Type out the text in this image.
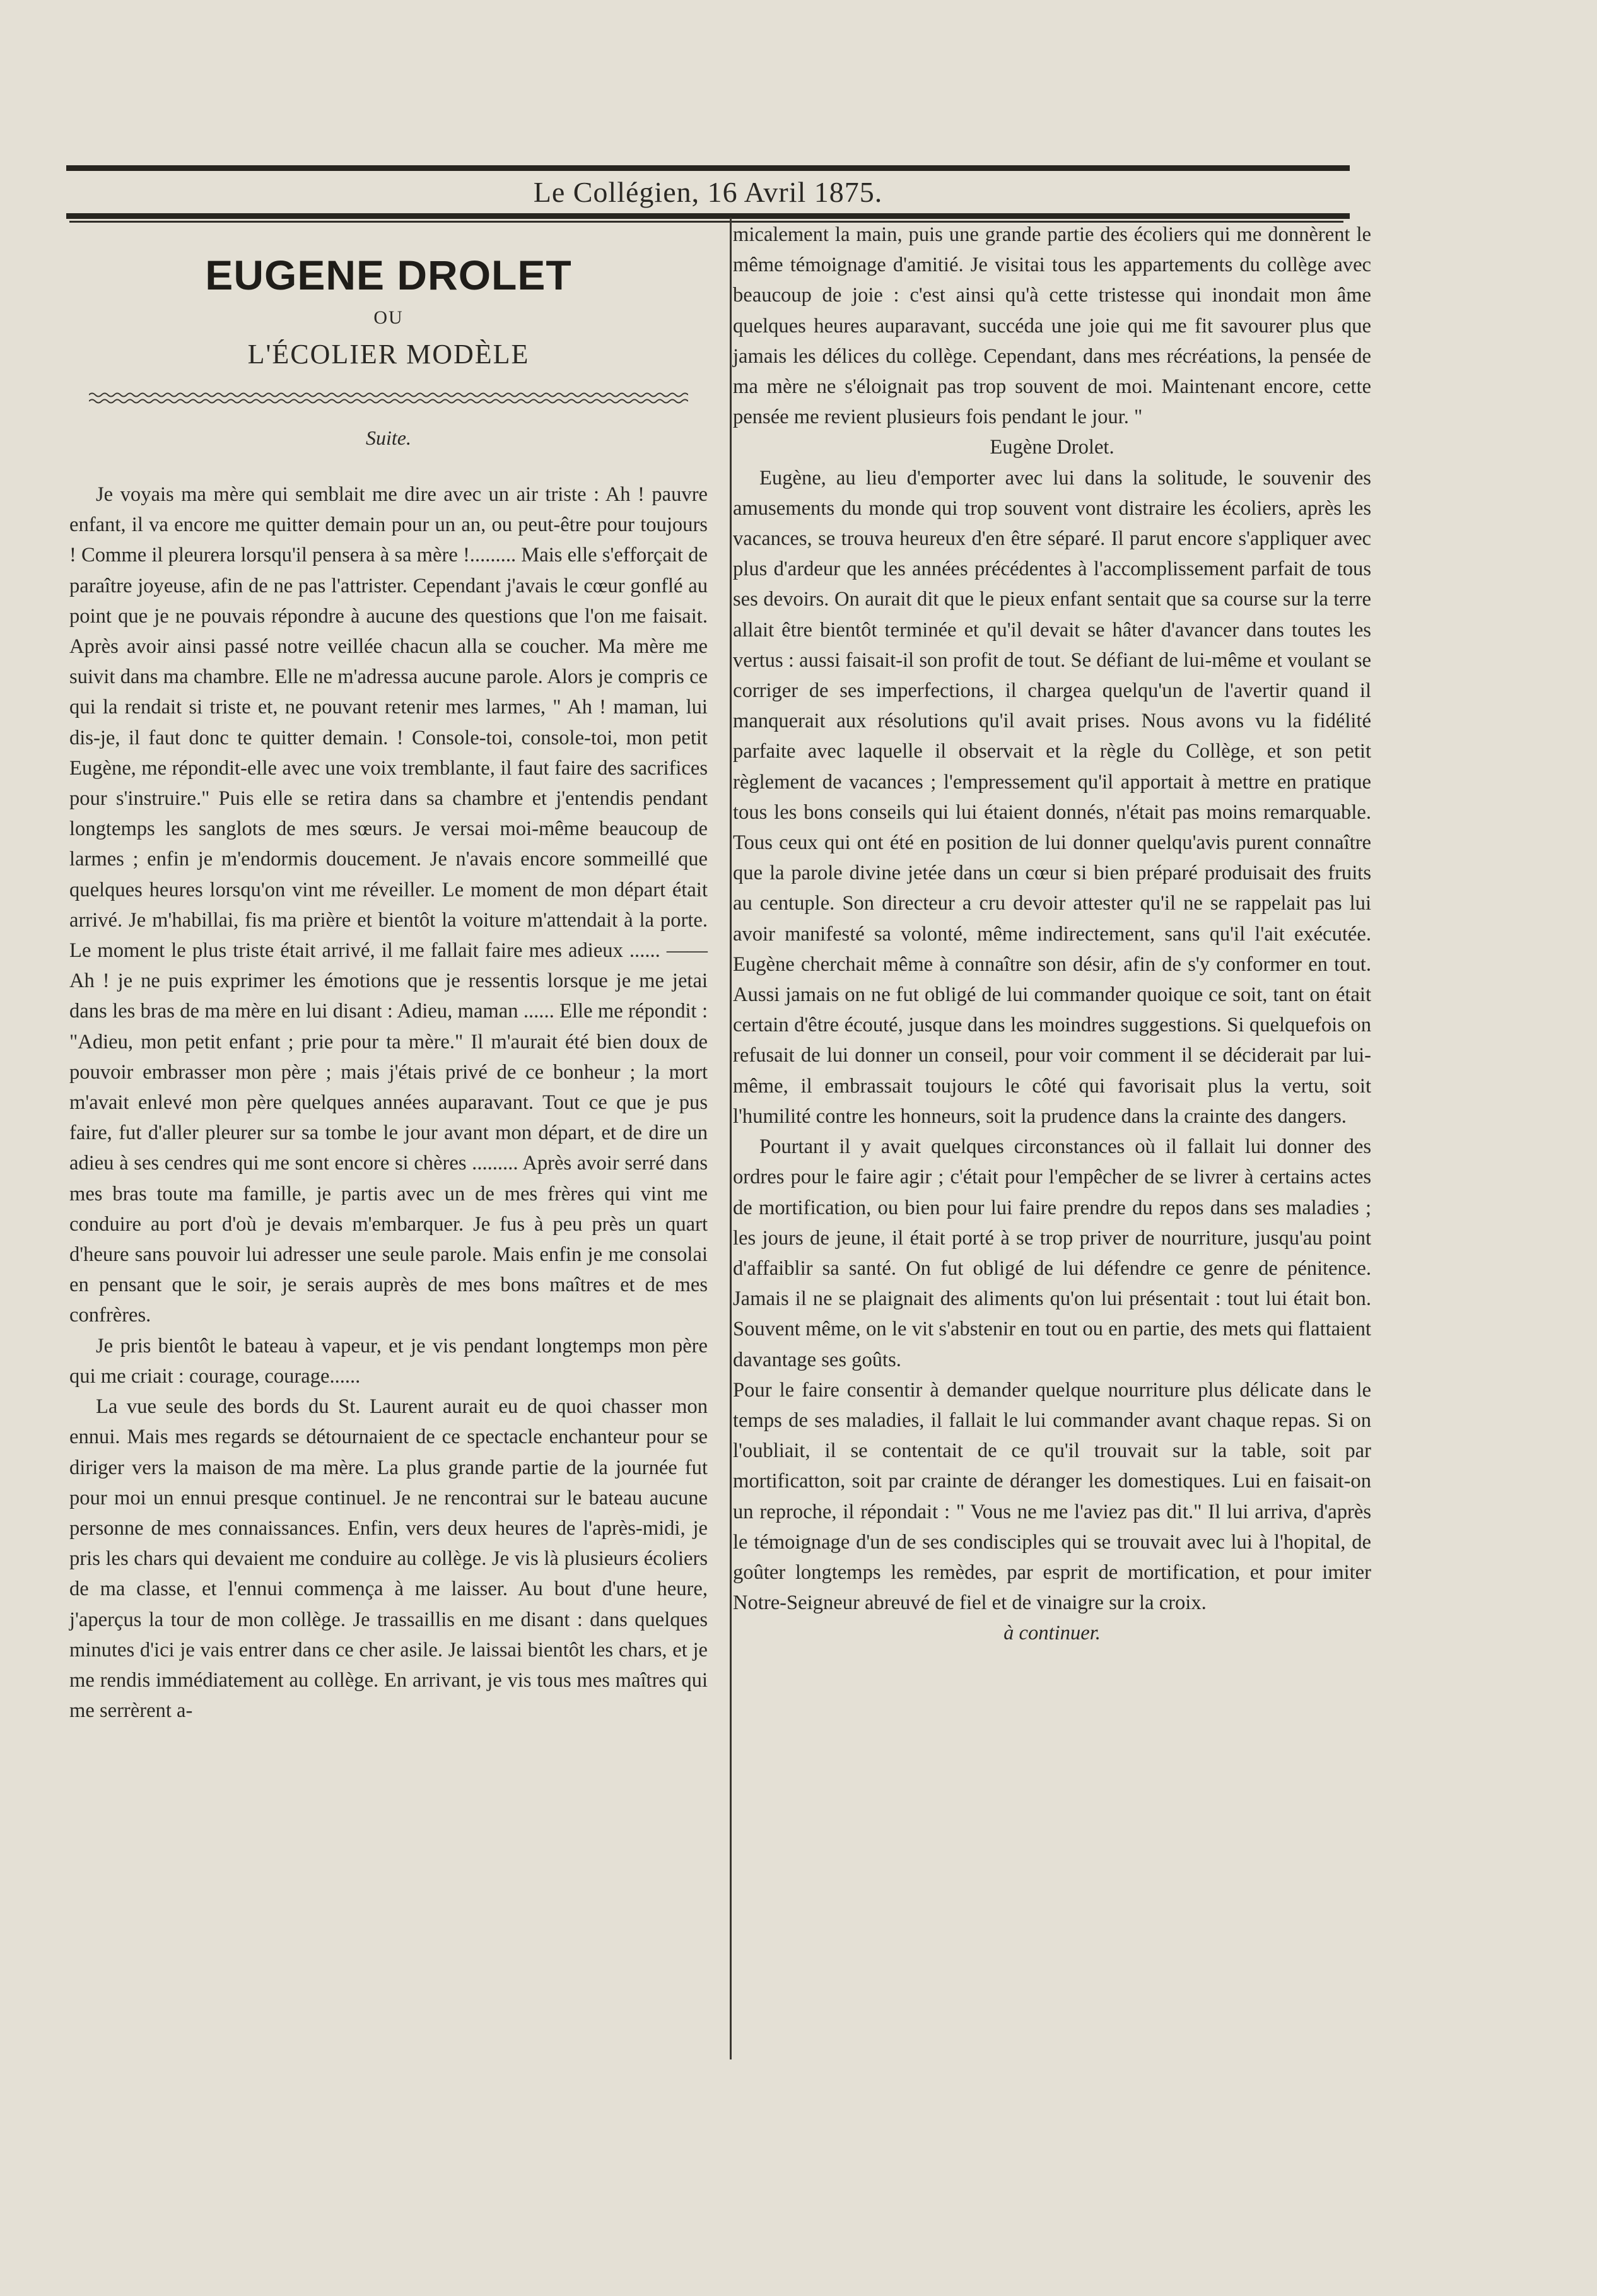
Le Collégien, 16 Avril 1875.
EUGENE DROLET
OU
L'ÉCOLIER MODÈLE
Suite.

Je voyais ma mère qui semblait me dire avec un air triste : Ah ! pauvre enfant, il va encore me quitter demain pour un an, ou peut-être pour toujours ! Comme il pleurera lorsqu'il pensera à sa mère !......... Mais elle s'efforçait de paraître joyeuse, afin de ne pas l'attrister. Cependant j'avais le cœur gonflé au point que je ne pouvais répondre à aucune des questions que l'on me faisait. Après avoir ainsi passé notre veillée chacun alla se coucher. Ma mère me suivit dans ma chambre. Elle ne m'adressa aucune parole. Alors je compris ce qui la rendait si triste et, ne pouvant retenir mes larmes, " Ah ! maman, lui dis-je, il faut donc te quitter demain. ! Console-toi, console-toi, mon petit Eugène, me répondit-elle avec une voix tremblante, il faut faire des sacrifices pour s'instruire." Puis elle se retira dans sa chambre et j'entendis pendant longtemps les sanglots de mes sœurs. Je versai moi-même beaucoup de larmes ; enfin je m'endormis doucement. Je n'avais encore sommeillé que quelques heures lorsqu'on vint me réveiller. Le moment de mon départ était arrivé. Je m'habillai, fis ma prière et bientôt la voiture m'attendait à la porte. Le moment le plus triste était arrivé, il me fallait faire mes adieux ...... —— Ah ! je ne puis exprimer les émotions que je ressentis lorsque je me jetai dans les bras de ma mère en lui disant : Adieu, maman ...... Elle me répondit : "Adieu, mon petit enfant ; prie pour ta mère." Il m'aurait été bien doux de pouvoir embrasser mon père ; mais j'étais privé de ce bonheur ; la mort m'avait enlevé mon père quelques années auparavant. Tout ce que je pus faire, fut d'aller pleurer sur sa tombe le jour avant mon départ, et de dire un adieu à ses cendres qui me sont encore si chères ......... Après avoir serré dans mes bras toute ma famille, je partis avec un de mes frères qui vint me conduire au port d'où je devais m'embarquer. Je fus à peu près un quart d'heure sans pouvoir lui adresser une seule parole. Mais enfin je me consolai en pensant que le soir, je serais auprès de mes bons maîtres et de mes confrères.

Je pris bientôt le bateau à vapeur, et je vis pendant longtemps mon père qui me criait : courage, courage......

La vue seule des bords du St. Laurent aurait eu de quoi chasser mon ennui. Mais mes regards se détournaient de ce spectacle enchanteur pour se diriger vers la maison de ma mère. La plus grande partie de la journée fut pour moi un ennui presque continuel. Je ne rencontrai sur le bateau aucune personne de mes connaissances. Enfin, vers deux heures de l'après-midi, je pris les chars qui devaient me conduire au collège. Je vis là plusieurs écoliers de ma classe, et l'ennui commença à me laisser. Au bout d'une heure, j'aperçus la tour de mon collège. Je trassaillis en me disant : dans quelques minutes d'ici je vais entrer dans ce cher asile. Je laissai bientôt les chars, et je me rendis immédiatement au collège. En arrivant, je vis tous mes maîtres qui me serrèrent a-

micalement la main, puis une grande partie des écoliers qui me donnèrent le même témoignage d'amitié. Je visitai tous les appartements du collège avec beaucoup de joie : c'est ainsi qu'à cette tristesse qui inondait mon âme quelques heures auparavant, succéda une joie qui me fit savourer plus que jamais les délices du collège. Cependant, dans mes récréations, la pensée de ma mère ne s'éloignait pas trop souvent de moi. Maintenant encore, cette pensée me revient plusieurs fois pendant le jour. "

Eugène Drolet.

Eugène, au lieu d'emporter avec lui dans la solitude, le souvenir des amusements du monde qui trop souvent vont distraire les écoliers, après les vacances, se trouva heureux d'en être séparé. Il parut encore s'appliquer avec plus d'ardeur que les années précédentes à l'accomplissement parfait de tous ses devoirs. On aurait dit que le pieux enfant sentait que sa course sur la terre allait être bientôt terminée et qu'il devait se hâter d'avancer dans toutes les vertus : aussi faisait-il son profit de tout. Se défiant de lui-même et voulant se corriger de ses imperfections, il chargea quelqu'un de l'avertir quand il manquerait aux résolutions qu'il avait prises. Nous avons vu la fidélité parfaite avec laquelle il observait et la règle du Collège, et son petit règlement de vacances ; l'empressement qu'il apportait à mettre en pratique tous les bons conseils qui lui étaient donnés, n'était pas moins remarquable. Tous ceux qui ont été en position de lui donner quelqu'avis purent connaître que la parole divine jetée dans un cœur si bien préparé produisait des fruits au centuple. Son directeur a cru devoir attester qu'il ne se rappelait pas lui avoir manifesté sa volonté, même indirectement, sans qu'il l'ait exécutée. Eugène cherchait même à connaître son désir, afin de s'y conformer en tout. Aussi jamais on ne fut obligé de lui commander quoique ce soit, tant on était certain d'être écouté, jusque dans les moindres suggestions. Si quelquefois on refusait de lui donner un conseil, pour voir comment il se déciderait par lui-même, il embrassait toujours le côté qui favorisait plus la vertu, soit l'humilité contre les honneurs, soit la prudence dans la crainte des dangers.

Pourtant il y avait quelques circonstances où il fallait lui donner des ordres pour le faire agir ; c'était pour l'empêcher de se livrer à certains actes de mortification, ou bien pour lui faire prendre du repos dans ses maladies ; les jours de jeune, il était porté à se trop priver de nourriture, jusqu'au point d'affaiblir sa santé. On fut obligé de lui défendre ce genre de pénitence. Jamais il ne se plaignait des aliments qu'on lui présentait : tout lui était bon. Souvent même, on le vit s'abstenir en tout ou en partie, des mets qui flattaient davantage ses goûts.

Pour le faire consentir à demander quelque nourriture plus délicate dans le temps de ses maladies, il fallait le lui commander avant chaque repas. Si on l'oubliait, il se contentait de ce qu'il trouvait sur la table, soit par mortificatton, soit par crainte de déranger les domestiques. Lui en faisait-on un reproche, il répondait : " Vous ne me l'aviez pas dit." Il lui arriva, d'après le témoignage d'un de ses condisciples qui se trouvait avec lui à l'hopital, de goûter longtemps les remèdes, par esprit de mortification, et pour imiter Notre-Seigneur abreuvé de fiel et de vinaigre sur la croix.

à continuer.
